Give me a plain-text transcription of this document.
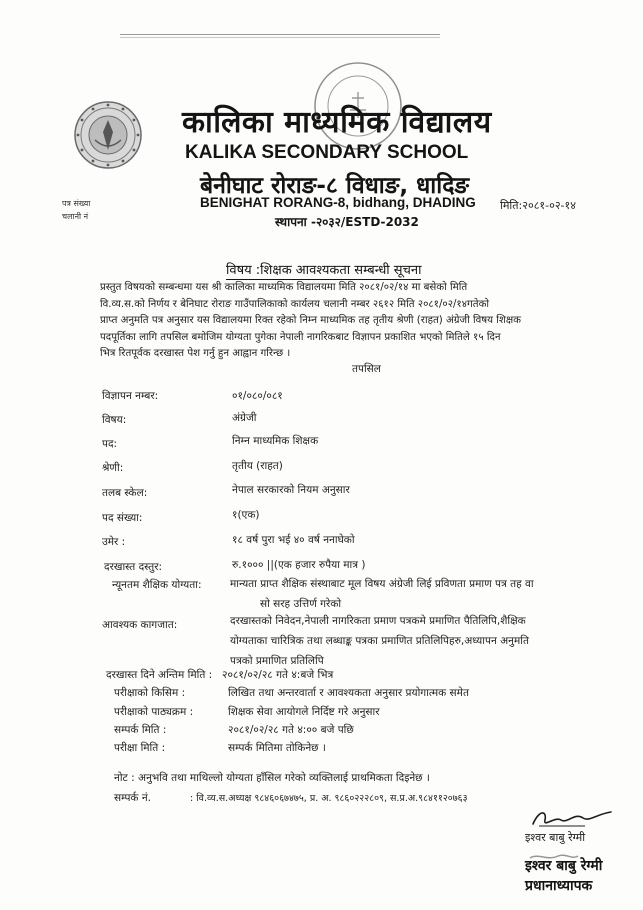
कालिका माध्यमिक विद्यालय
KALIKA SECONDARY SCHOOL
बेनीघाट रोराङ-८ विधाङ, धादिङ
BENIGHAT RORANG-8, bidhang, DHADING
स्थापना -२०३२/ESTD-2032
पत्र संख्या
चलानी नं
मिति:२०८१-०२-१४
विषय :शिक्षक आवश्यकता सम्बन्धी सूचना
प्रस्तुत विषयको सम्बन्धमा यस श्री कालिका माध्यमिक विद्यालयमा मिति २०८१/०२/१४ मा बसेको मिति
वि.व्य.स.को निर्णय र बेनिघाट रोराङ गाउँपालिकाको कार्यलय चलानी नम्बर २६१२ मिति २०८१/०२/१४गतेको
प्राप्त अनुमति पत्र अनुसार यस विद्यालयमा रिक्त रहेको निम्न माध्यमिक तह तृतीय श्रेणी (राहत) अंग्रेजी विषय शिक्षक
पदपूर्तिका लागि तपसिल बमोजिम योग्यता पुगेका नेपाली नागरिकबाट विज्ञापन प्रकाशित भएको मितिले १५ दिन
भित्र रितपूर्वक दरखास्त पेश गर्नु हुन आह्वान गरिन्छ ।
तपसिल
विज्ञापन नम्बर:	०१/०८०/०८१
विषय:	अंग्रेजी
पद:	निम्न माध्यमिक शिक्षक
श्रेणी:	तृतीय (राहत)
तलब स्केल:	नेपाल सरकारको नियम अनुसार
पद संख्या:	१(एक)
उमेर :	१८ वर्ष पुरा भई ४० वर्ष ननाघेको
दरखास्त दस्तुर:	रु.१००० ||(एक हजार रुपैया मात्र )
न्यूनतम शैक्षिक योग्यता:	मान्यता प्राप्त शैक्षिक संस्थाबाट मूल विषय अंग्रेजी लिई प्रविणता प्रमाण पत्र तह वा
सो सरह उत्तिर्ण गरेको
आवश्यक कागजात:	दरखास्तको निवेदन,नेपाली नागरिकता प्रमाण पत्रकमे प्रमाणित पैतिलिपि,शैक्षिक
योग्यताका चारित्रिक तथा लब्धाङ्क पत्रका प्रमाणित प्रतिलिपिहरु,अध्यापन अनुमति
पत्रको प्रमाणित प्रतिलिपि
दरखास्त दिने अन्तिम मिति : २०८१/०२/२८ गते ४:बजे भित्र
परीक्षाको किसिम :	लिखित तथा अन्तरवार्ता र आवश्यकता अनुसार प्रयोगात्मक समेत
परीक्षाको पाठ्यक्रम :	शिक्षक सेवा आयोगले निर्दिष्ट गरे अनुसार
सम्पर्क मिति :	२०८१/०२/२८ गते ४:०० बजे पछि
परीक्षा मिति :	सम्पर्क मितिमा तोकिनेछ ।
नोट : अनुभवि तथा माथिल्लो योग्यता हाँसिल गरेको व्यक्तिलाई प्राथमिकता दिइनेछ ।
सम्पर्क नं.	: वि.व्य.स.अध्यक्ष ९८४६०६७४७५, प्र. अ. ९८६०२२२८०९, स.प्र.अ.९८४११२०७६३
इश्वर बाबु रेग्मी
इश्वर बाबु रेग्मी
प्रधानाध्यापक
